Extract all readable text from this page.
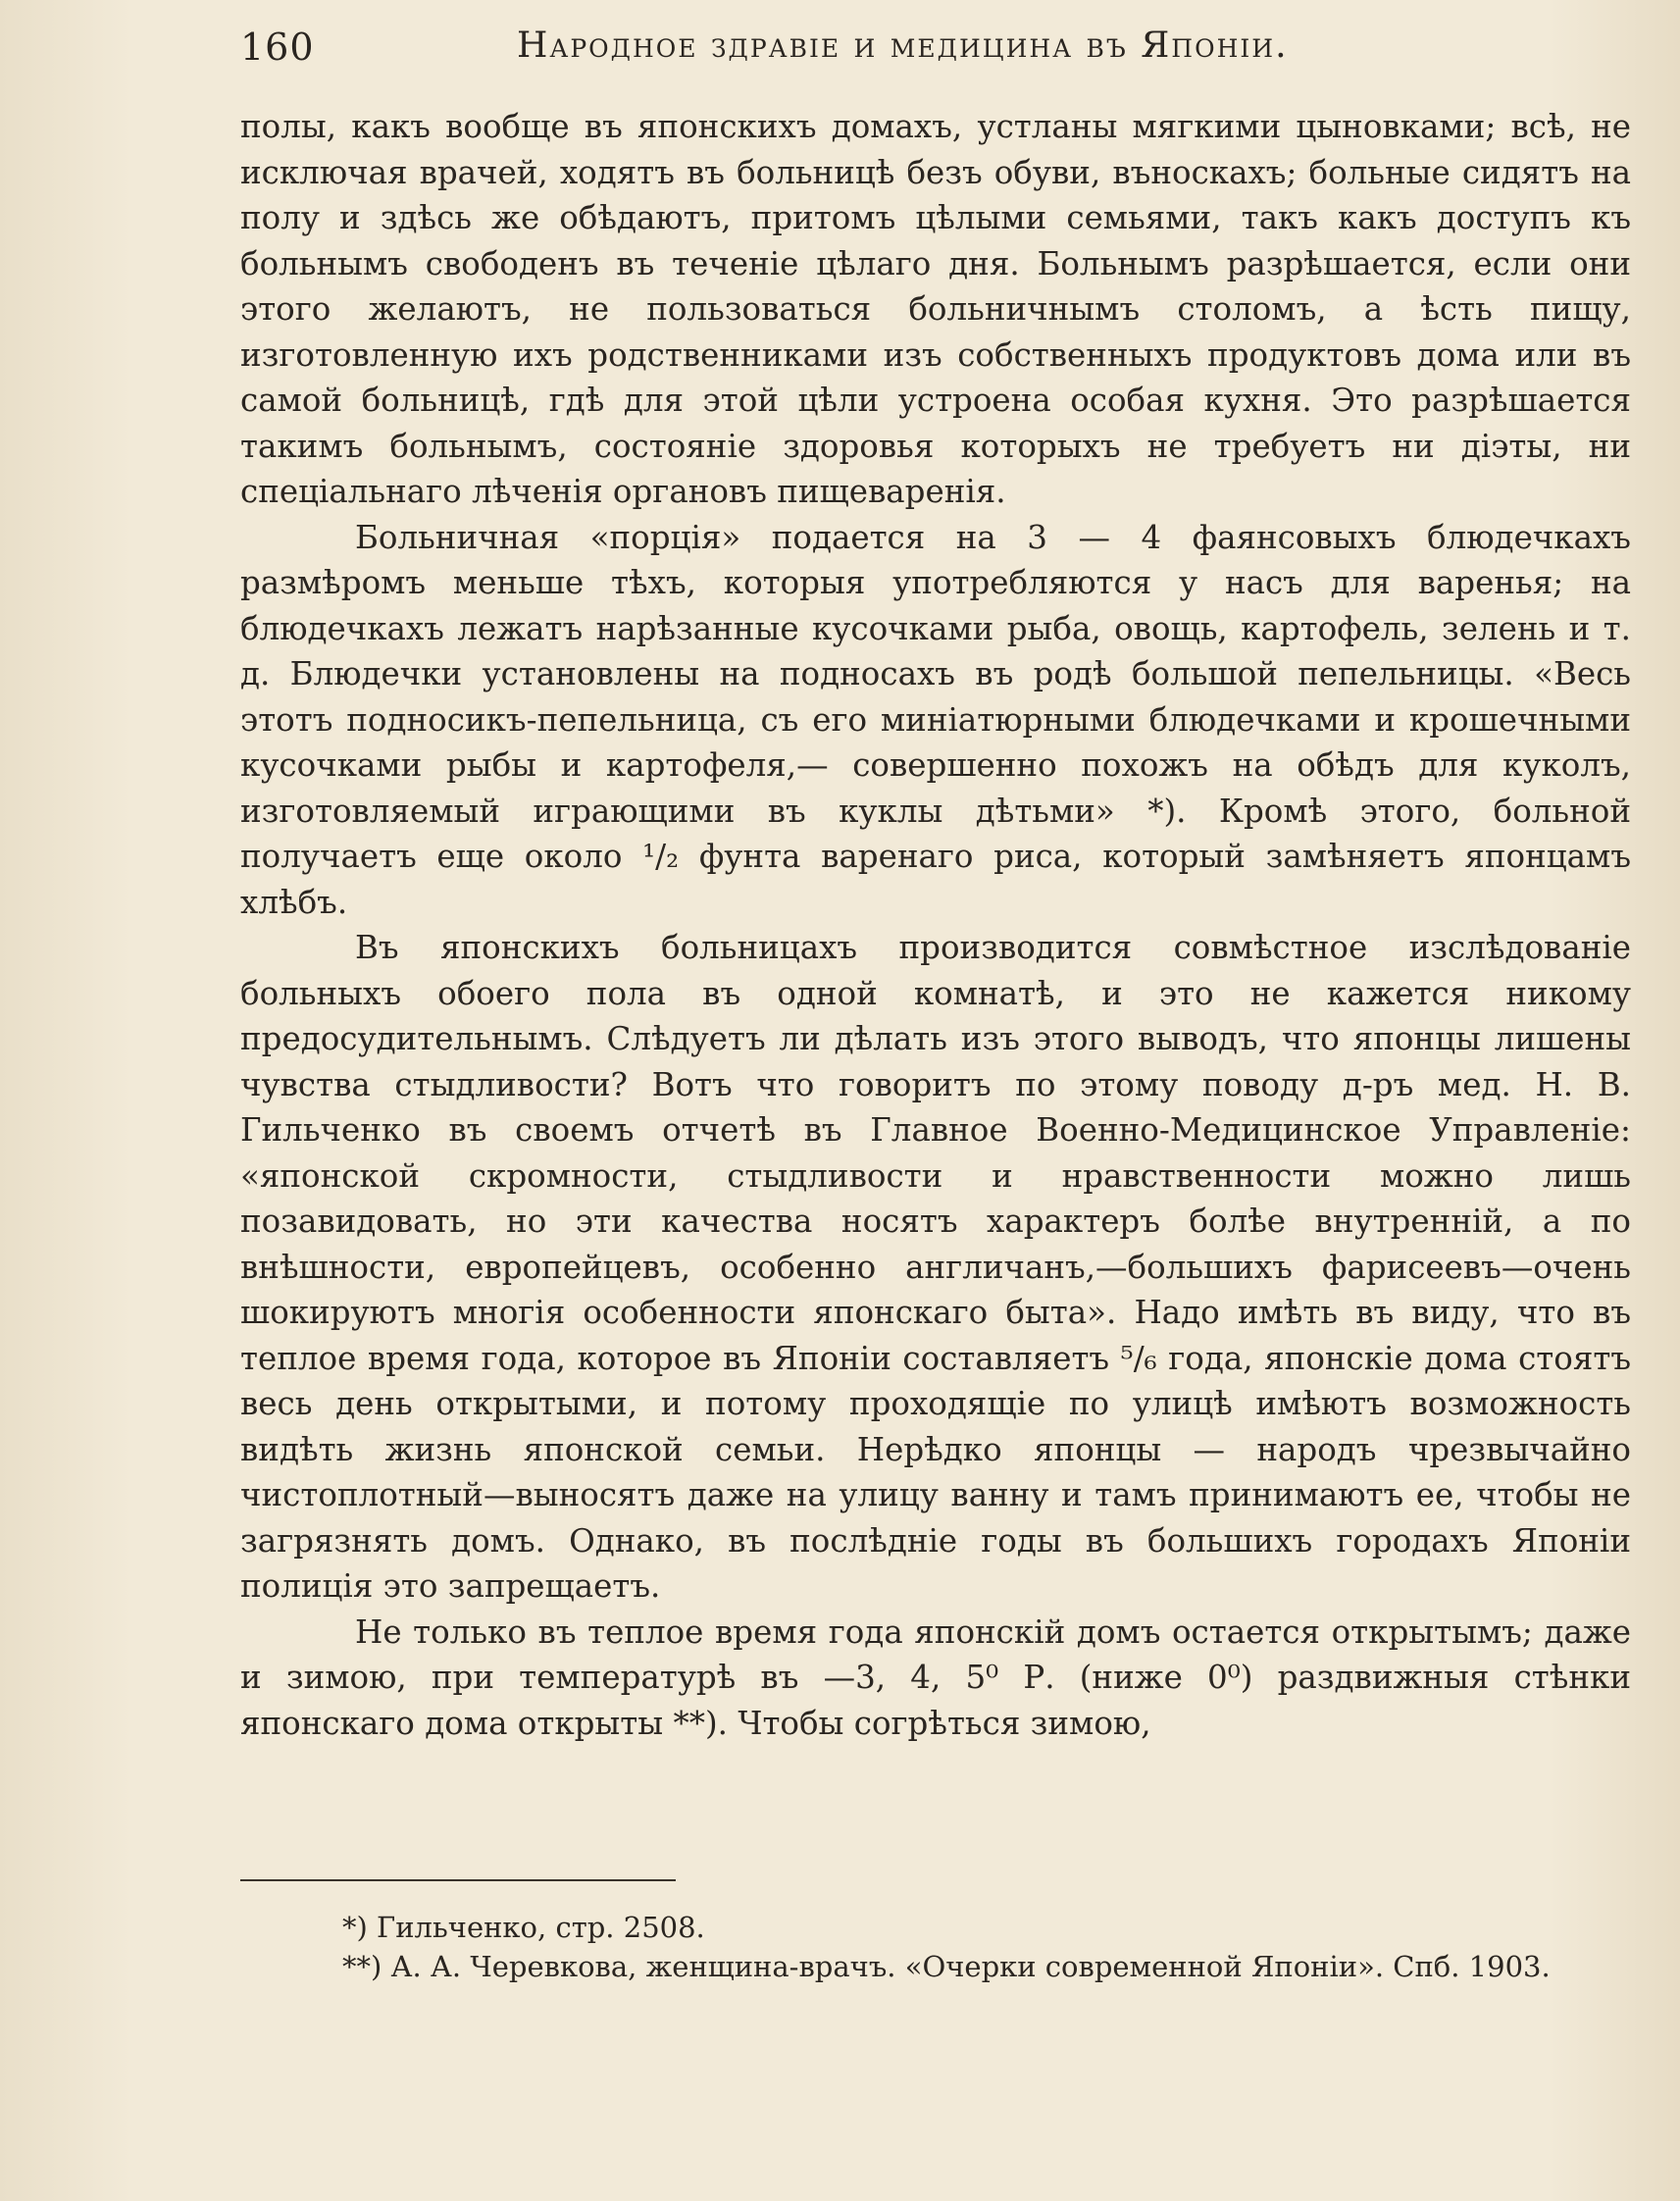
160	Народное здравіе и медицина въ Японіи.

полы, какъ вообще въ японскихъ домахъ, устланы мягкими цыновками; всѣ, не исключая врачей, ходятъ въ больницѣ безъ обуви, въноскахъ; больные сидятъ на полу и здѣсь же обѣдаютъ, притомъ цѣлыми семьями, такъ какъ доступъ къ больнымъ свободенъ въ теченіе цѣлаго дня. Больнымъ разрѣшается, если они этого желаютъ, не пользоваться больничнымъ столомъ, а ѣсть пищу, изготовленную ихъ родственниками изъ собственныхъ продуктовъ дома или въ самой больницѣ, гдѣ для этой цѣли устроена особая кухня. Это разрѣшается такимъ больнымъ, состояніе здоровья которыхъ не требуетъ ни діэты, ни спеціальнаго лѣченія органовъ пищеваренія.

Больничная «порція» подается на 3 — 4 фаянсовыхъ блюдечкахъ размѣромъ меньше тѣхъ, которыя употребляются у насъ для варенья; на блюдечкахъ лежатъ нарѣзанные кусочками рыба, овощь, картофель, зелень и т. д. Блюдечки установлены на подносахъ въ родѣ большой пепельницы. «Весь этотъ подносикъ-пепельница, съ его миніатюрными блюдечками и крошечными кусочками рыбы и картофеля,— совершенно похожъ на обѣдъ для куколъ, изготовляемый играющими въ куклы дѣтьми» *). Кромѣ этого, больной получаетъ еще около ¹/₂ фунта варенаго риса, который замѣняетъ японцамъ хлѣбъ.

Въ японскихъ больницахъ производится совмѣстное изслѣдованіе больныхъ обоего пола въ одной комнатѣ, и это не кажется никому предосудительнымъ. Слѣдуетъ ли дѣлать изъ этого выводъ, что японцы лишены чувства стыдливости? Вотъ что говоритъ по этому поводу д-ръ мед. Н. В. Гильченко въ своемъ отчетѣ въ Главное Военно-Медицинское Управленіе: «японской скромности, стыдливости и нравственности можно лишь позавидовать, но эти качества носятъ характеръ болѣе внутренній, а по внѣшности, европейцевъ, особенно англичанъ,—большихъ фарисеевъ—очень шокируютъ многія особенности японскаго быта». Надо имѣть въ виду, что въ теплое время года, которое въ Японіи составляетъ ⁵/₆ года, японскіе дома стоятъ весь день открытыми, и потому проходящіе по улицѣ имѣютъ возможность видѣть жизнь японской семьи. Нерѣдко японцы — народъ чрезвычайно чистоплотный—выносятъ даже на улицу ванну и тамъ принимаютъ ее, чтобы не загрязнять домъ. Однако, въ послѣдніе годы въ большихъ городахъ Японіи полиція это запрещаетъ.

Не только въ теплое время года японскій домъ остается открытымъ; даже и зимою, при температурѣ въ —3, 4, 5⁰ Р. (ниже 0⁰) раздвижныя стѣнки японскаго дома открыты **). Чтобы согрѣться зимою,

*) Гильченко, стр. 2508.

**) А. А. Черевкова, женщина-врачъ. «Очерки современной Японіи». Спб. 1903.
